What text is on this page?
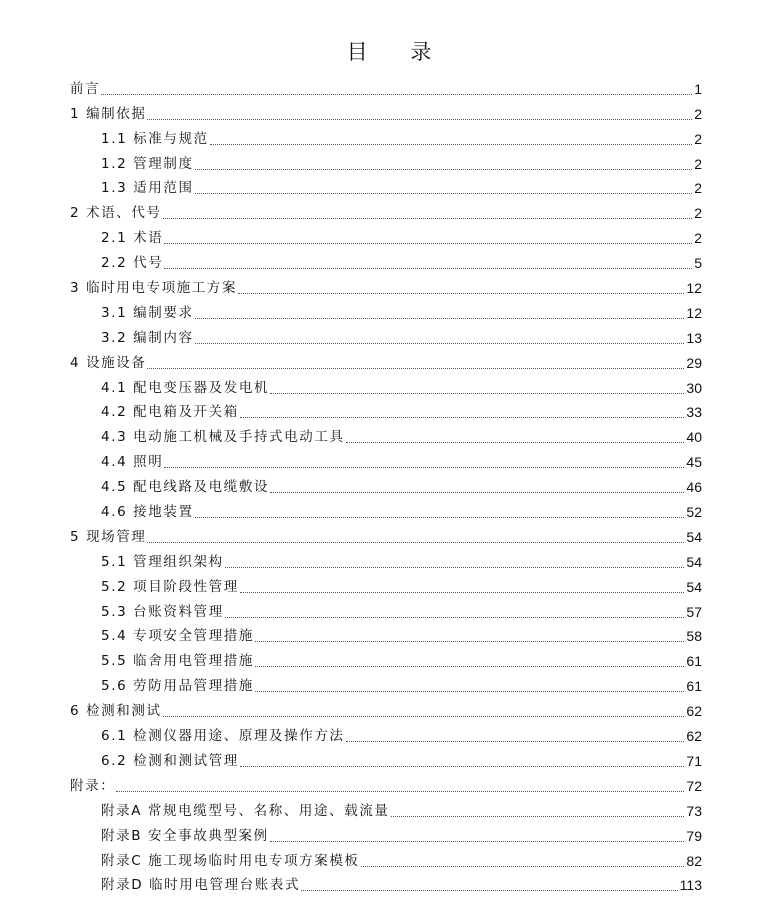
目 录
前言	1
1 编制依据	2
1.1 标准与规范	2
1.2 管理制度	2
1.3 适用范围	2
2 术语、代号	2
2.1 术语	2
2.2 代号	5
3 临时用电专项施工方案	12
3.1 编制要求	12
3.2 编制内容	13
4 设施设备	29
4.1 配电变压器及发电机	30
4.2 配电箱及开关箱	33
4.3 电动施工机械及手持式电动工具	40
4.4 照明	45
4.5 配电线路及电缆敷设	46
4.6 接地装置	52
5 现场管理	54
5.1 管理组织架构	54
5.2 项目阶段性管理	54
5.3 台账资料管理	57
5.4 专项安全管理措施	58
5.5 临舍用电管理措施	61
5.6 劳防用品管理措施	61
6 检测和测试	62
6.1 检测仪器用途、原理及操作方法	62
6.2 检测和测试管理	71
附录：	72
附录A 常规电缆型号、名称、用途、载流量	73
附录B 安全事故典型案例	79
附录C 施工现场临时用电专项方案模板	82
附录D 临时用电管理台账表式	113
